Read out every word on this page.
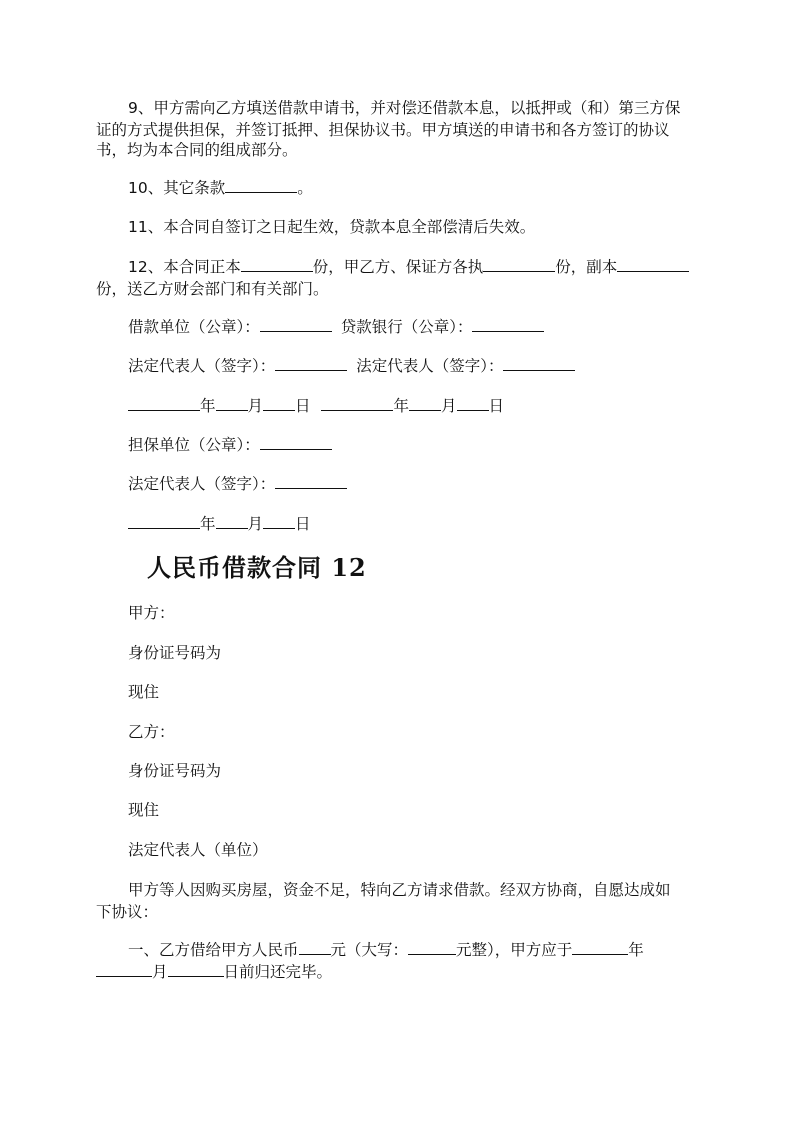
9、甲方需向乙方填送借款申请书，并对偿还借款本息，以抵押或（和）第三方保
证的方式提供担保，并签订抵押、担保协议书。甲方填送的申请书和各方签订的协议
书，均为本合同的组成部分。
10、其它条款	。
11、本合同自签订之日起生效，贷款本息全部偿清后失效。
12、本合同正本	份，甲乙方、保证方各执	份，副本
份，送乙方财会部门和有关部门。
借款单位（公章）：	贷款银行（公章）：
法定代表人（签字）：	法定代表人（签字）：
年 月 日	年 月 日
担保单位（公章）：
法定代表人（签字）：
年 月 日
人民币借款合同 12
甲方：
身份证号码为
现住
乙方：
身份证号码为
现住
法定代表人（单位）
甲方等人因购买房屋，资金不足，特向乙方请求借款。经双方协商，自愿达成如
下协议：
一、乙方借给甲方人民币 元（大写：	元整），甲方应于	年
月	日前归还完毕。
